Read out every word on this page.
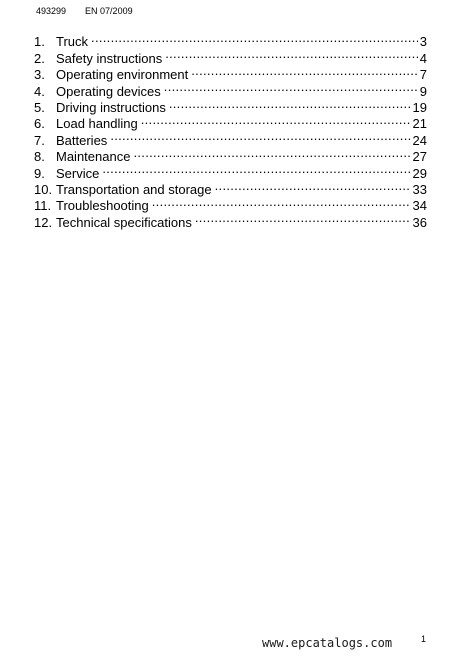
493299 EN 07/2009
1. Truck .....	3
2. Safety instructions .....	4
3. Operating environment .....	7
4. Operating devices .....	9
5. Driving instructions .....	19
6. Load handling .....	21
7. Batteries .....	24
8. Maintenance .....	27
9. Service .....	29
10. Transportation and storage .....	33
11. Troubleshooting .....	34
12. Technical specifications .....	36
www.epcatalogs.com	1
